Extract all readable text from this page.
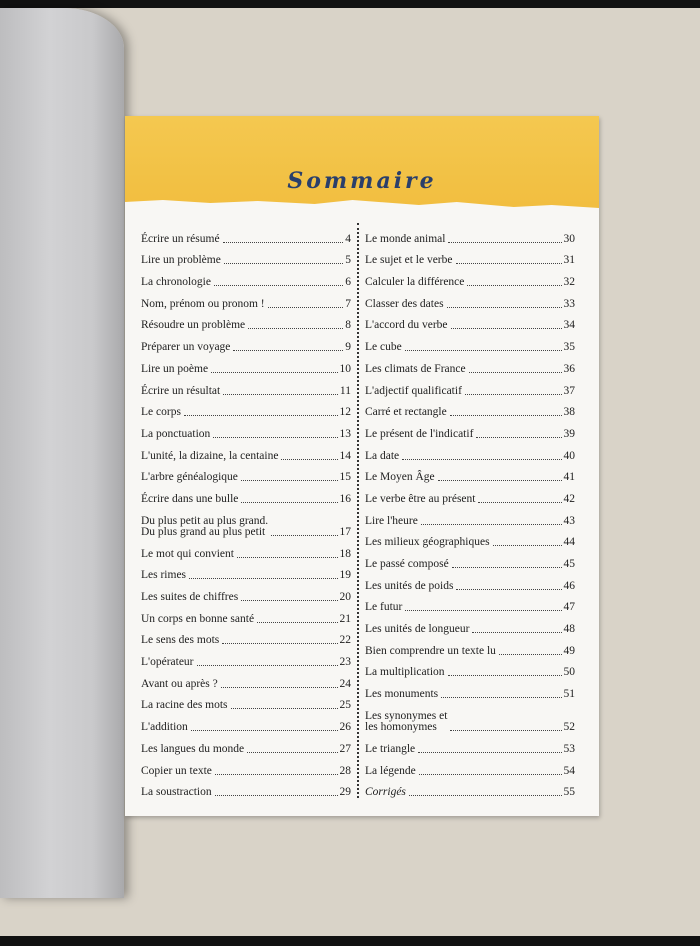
Sommaire
Écrire un résumé	4
Lire un problème	5
La chronologie	6
Nom, prénom ou pronom !	7
Résoudre un problème	8
Préparer un voyage	9
Lire un poème	10
Écrire un résultat	11
Le corps	12
La ponctuation	13
L'unité, la dizaine, la centaine	14
L'arbre généalogique	15
Écrire dans une bulle	16
Du plus petit au plus grand.
Du plus grand au plus petit	17
Le mot qui convient	18
Les rimes	19
Les suites de chiffres	20
Un corps en bonne santé	21
Le sens des mots	22
L'opérateur	23
Avant ou après ?	24
La racine des mots	25
L'addition	26
Les langues du monde	27
Copier un texte	28
La soustraction	29
Le monde animal	30
Le sujet et le verbe	31
Calculer la différence	32
Classer des dates	33
L'accord du verbe	34
Le cube	35
Les climats de France	36
L'adjectif qualificatif	37
Carré et rectangle	38
Le présent de l'indicatif	39
La date	40
Le Moyen Âge	41
Le verbe être au présent	42
Lire l'heure	43
Les milieux géographiques	44
Le passé composé	45
Les unités de poids	46
Le futur	47
Les unités de longueur	48
Bien comprendre un texte lu	49
La multiplication	50
Les monuments	51
Les synonymes et
les homonymes	52
Le triangle	53
La légende	54
Corrigés	55
